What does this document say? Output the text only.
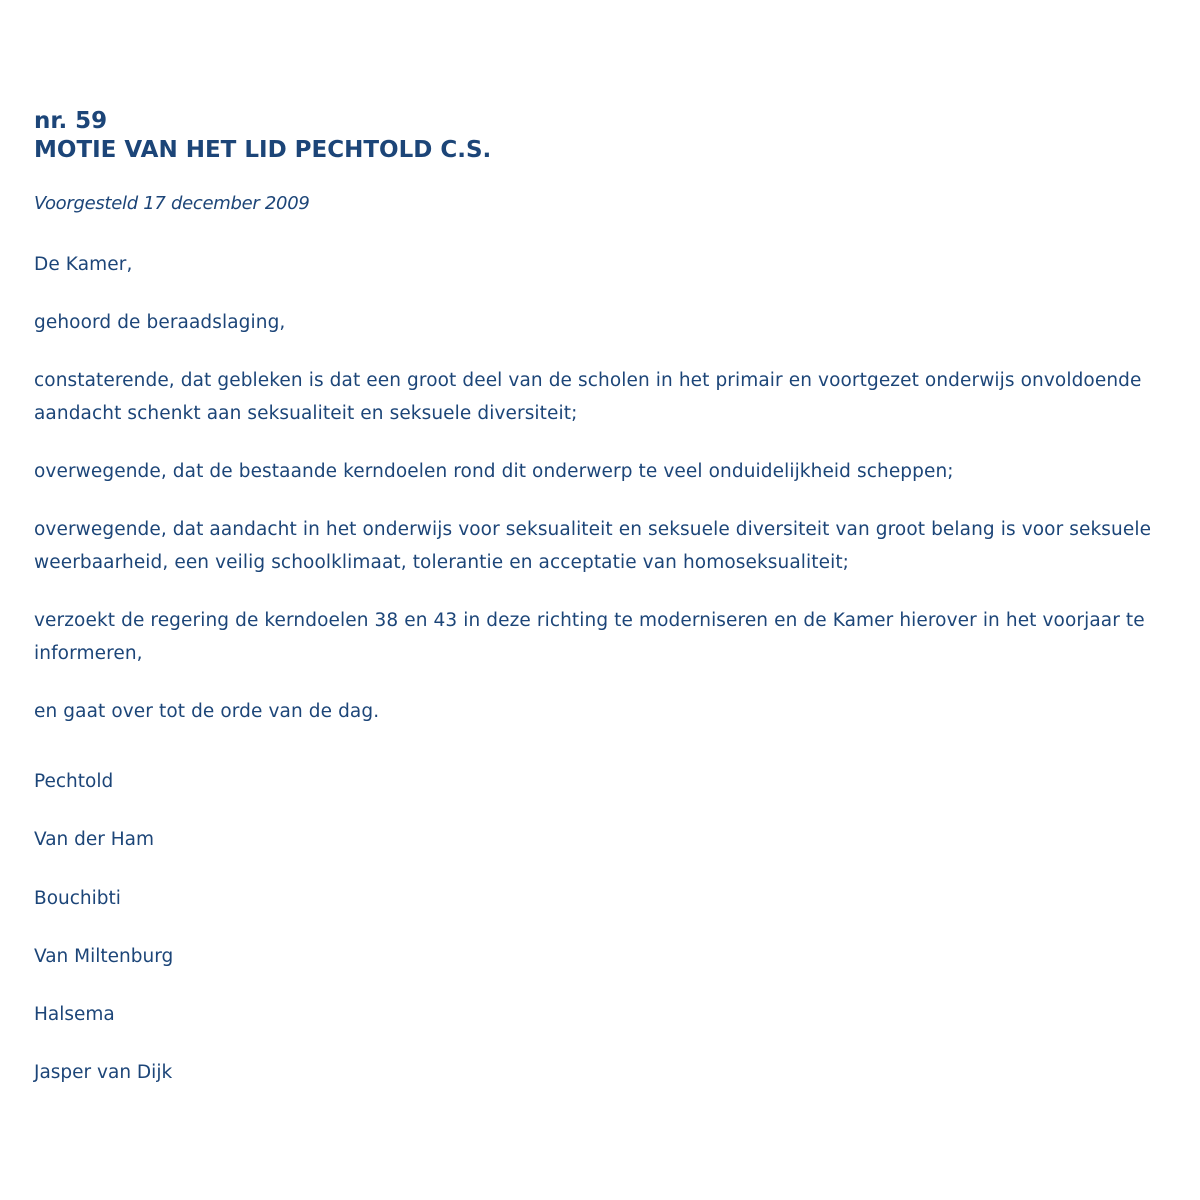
nr. 59
MOTIE VAN HET LID PECHTOLD C.S.
Voorgesteld 17 december 2009

De Kamer,

gehoord de beraadslaging,

constaterende, dat gebleken is dat een groot deel van de scholen in het primair en voortgezet onderwijs onvoldoende aandacht schenkt aan seksualiteit en seksuele diversiteit;

overwegende, dat de bestaande kerndoelen rond dit onderwerp te veel onduidelijkheid scheppen;

overwegende, dat aandacht in het onderwijs voor seksualiteit en seksuele diversiteit van groot belang is voor seksuele weerbaarheid, een veilig schoolklimaat, tolerantie en acceptatie van homoseksualiteit;

verzoekt de regering de kerndoelen 38 en 43 in deze richting te moderniseren en de Kamer hierover in het voorjaar te informeren,

en gaat over tot de orde van de dag.

Pechtold
Van der Ham
Bouchibti
Van Miltenburg
Halsema
Jasper van Dijk
